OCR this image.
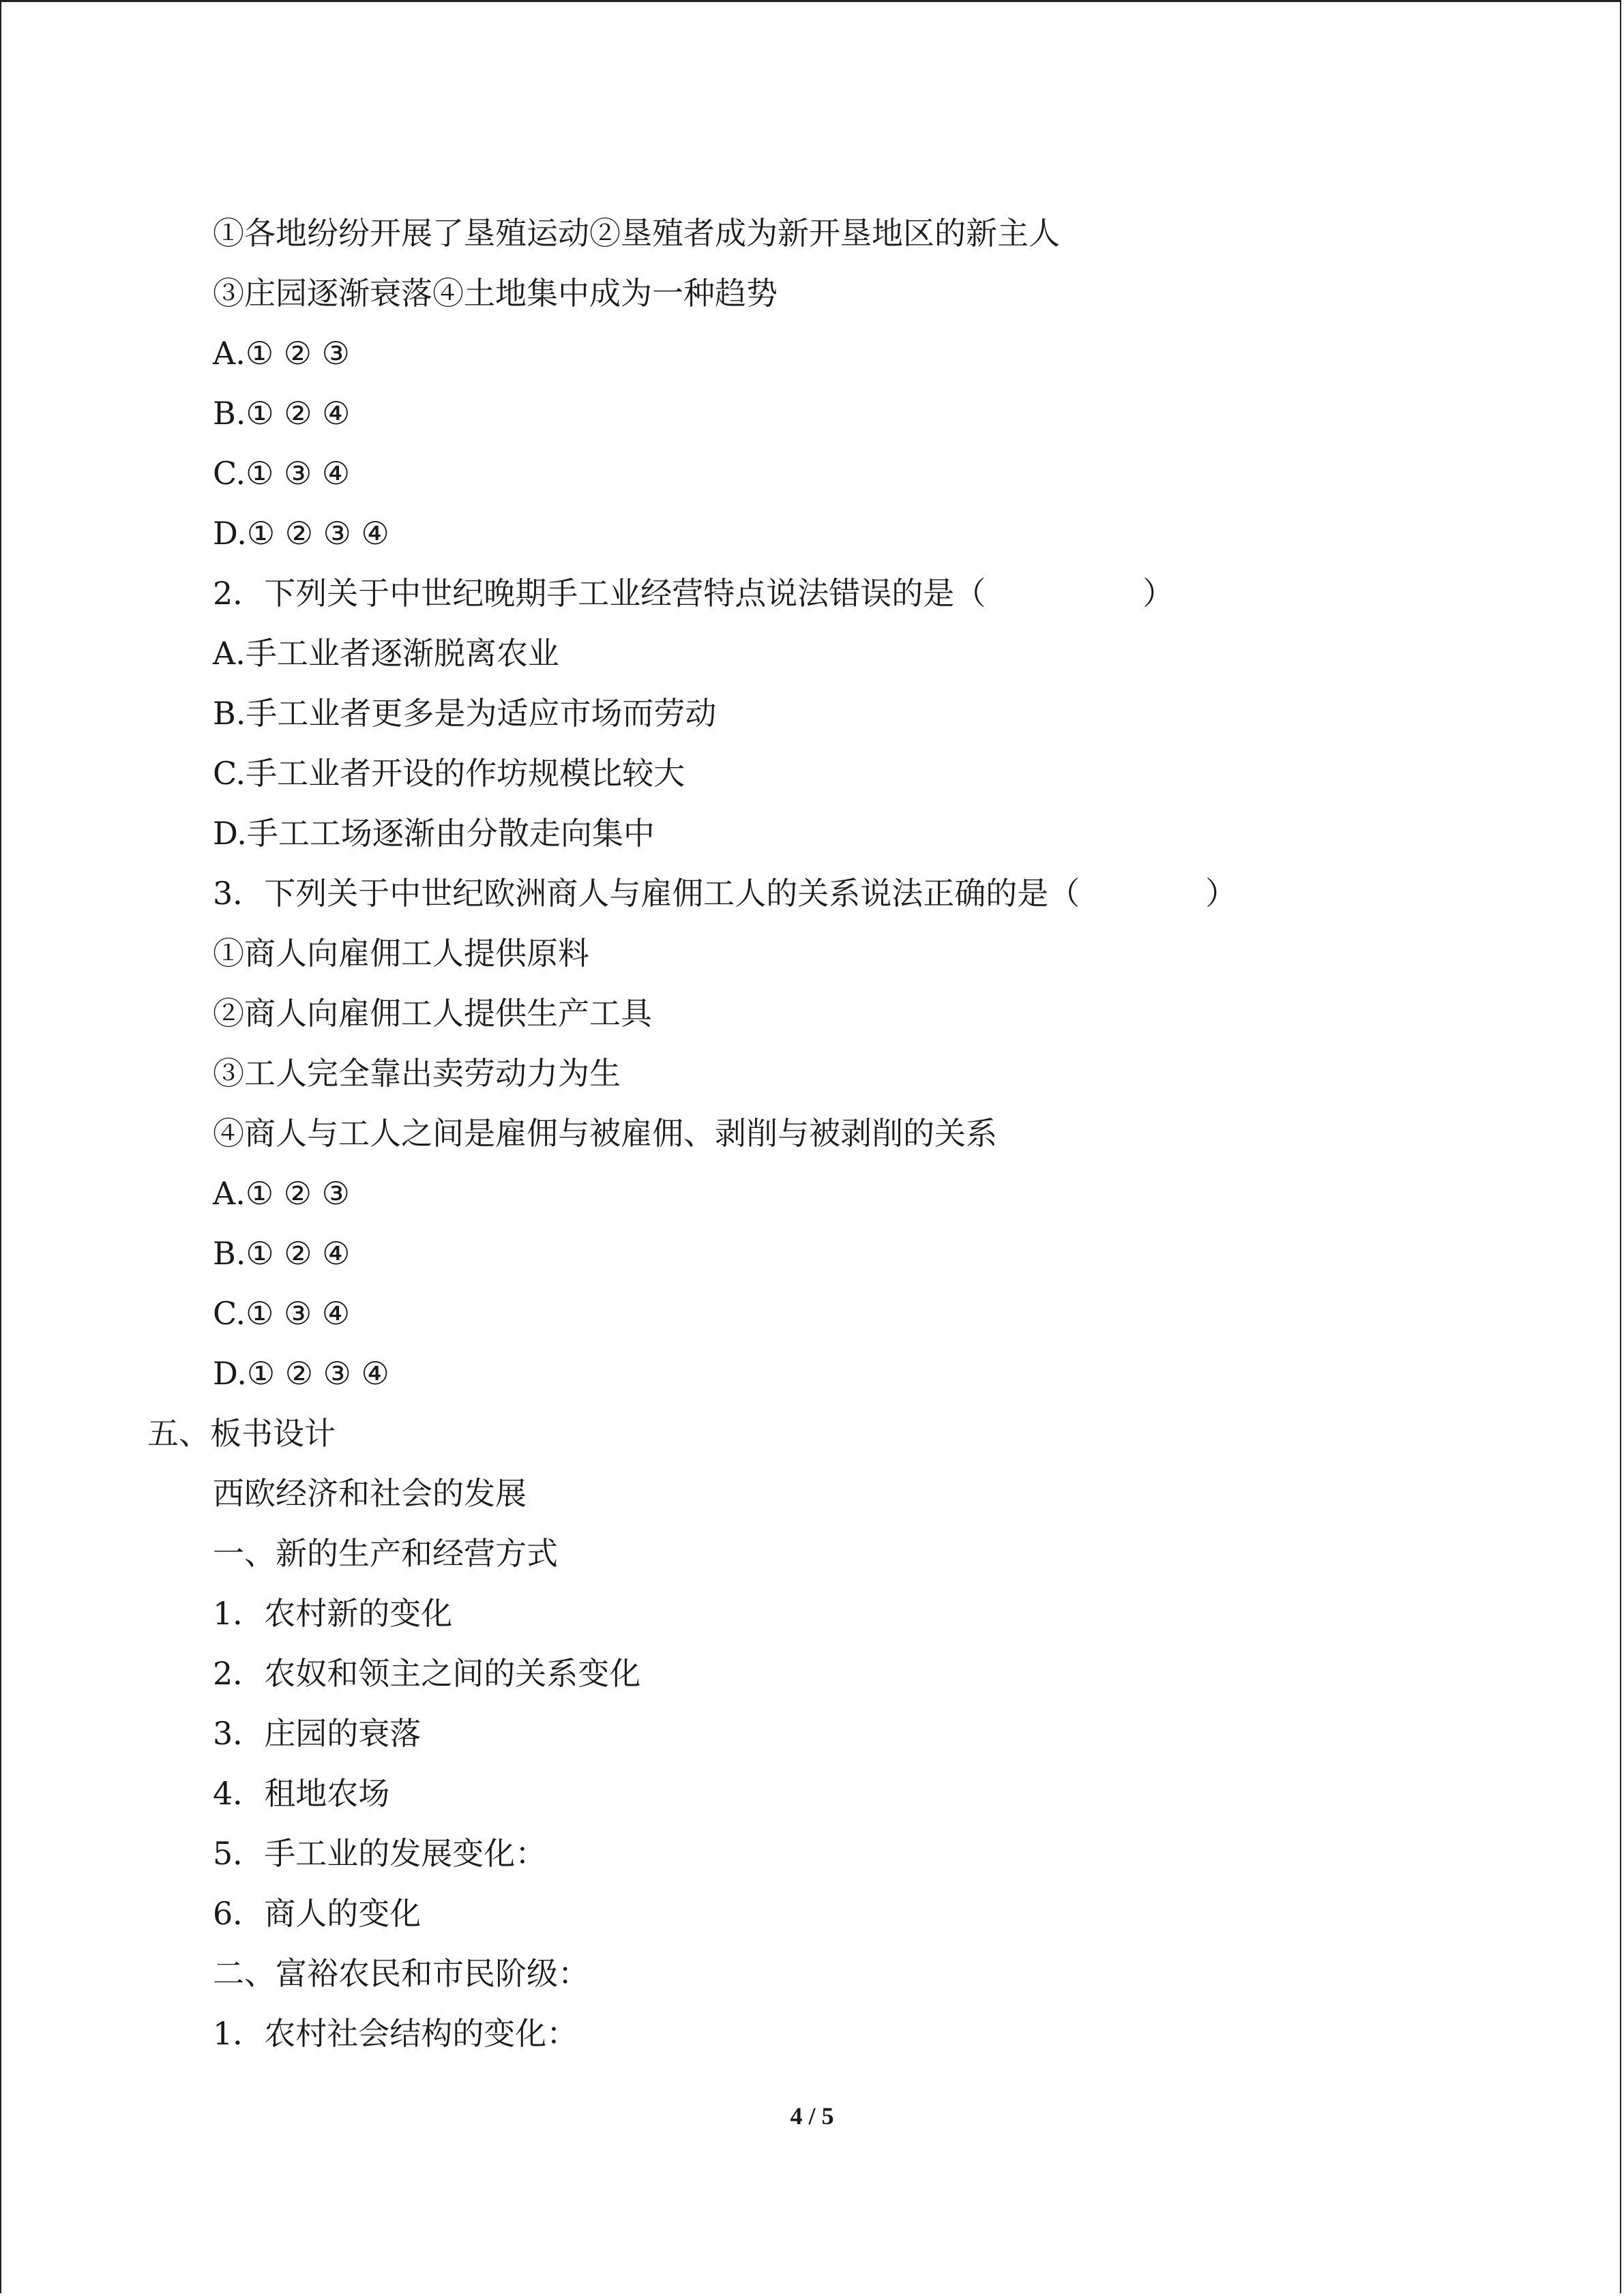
①各地纷纷开展了垦殖运动②垦殖者成为新开垦地区的新主人
③庄园逐渐衰落④土地集中成为一种趋势
A.① ② ③
B.① ② ④
C.① ③ ④
D.① ② ③ ④
2．下列关于中世纪晚期手工业经营特点说法错误的是（　　　　　）
A.手工业者逐渐脱离农业
B.手工业者更多是为适应市场而劳动
C.手工业者开设的作坊规模比较大
D.手工工场逐渐由分散走向集中
3．下列关于中世纪欧洲商人与雇佣工人的关系说法正确的是（　　　　）
①商人向雇佣工人提供原料
②商人向雇佣工人提供生产工具
③工人完全靠出卖劳动力为生
④商人与工人之间是雇佣与被雇佣、剥削与被剥削的关系
A.① ② ③
B.① ② ④
C.① ③ ④
D.① ② ③ ④
五、板书设计
西欧经济和社会的发展
一、新的生产和经营方式
1．农村新的变化
2．农奴和领主之间的关系变化
3．庄园的衰落
4．租地农场
5．手工业的发展变化：
6．商人的变化
二、富裕农民和市民阶级：
1．农村社会结构的变化：
4 / 5
